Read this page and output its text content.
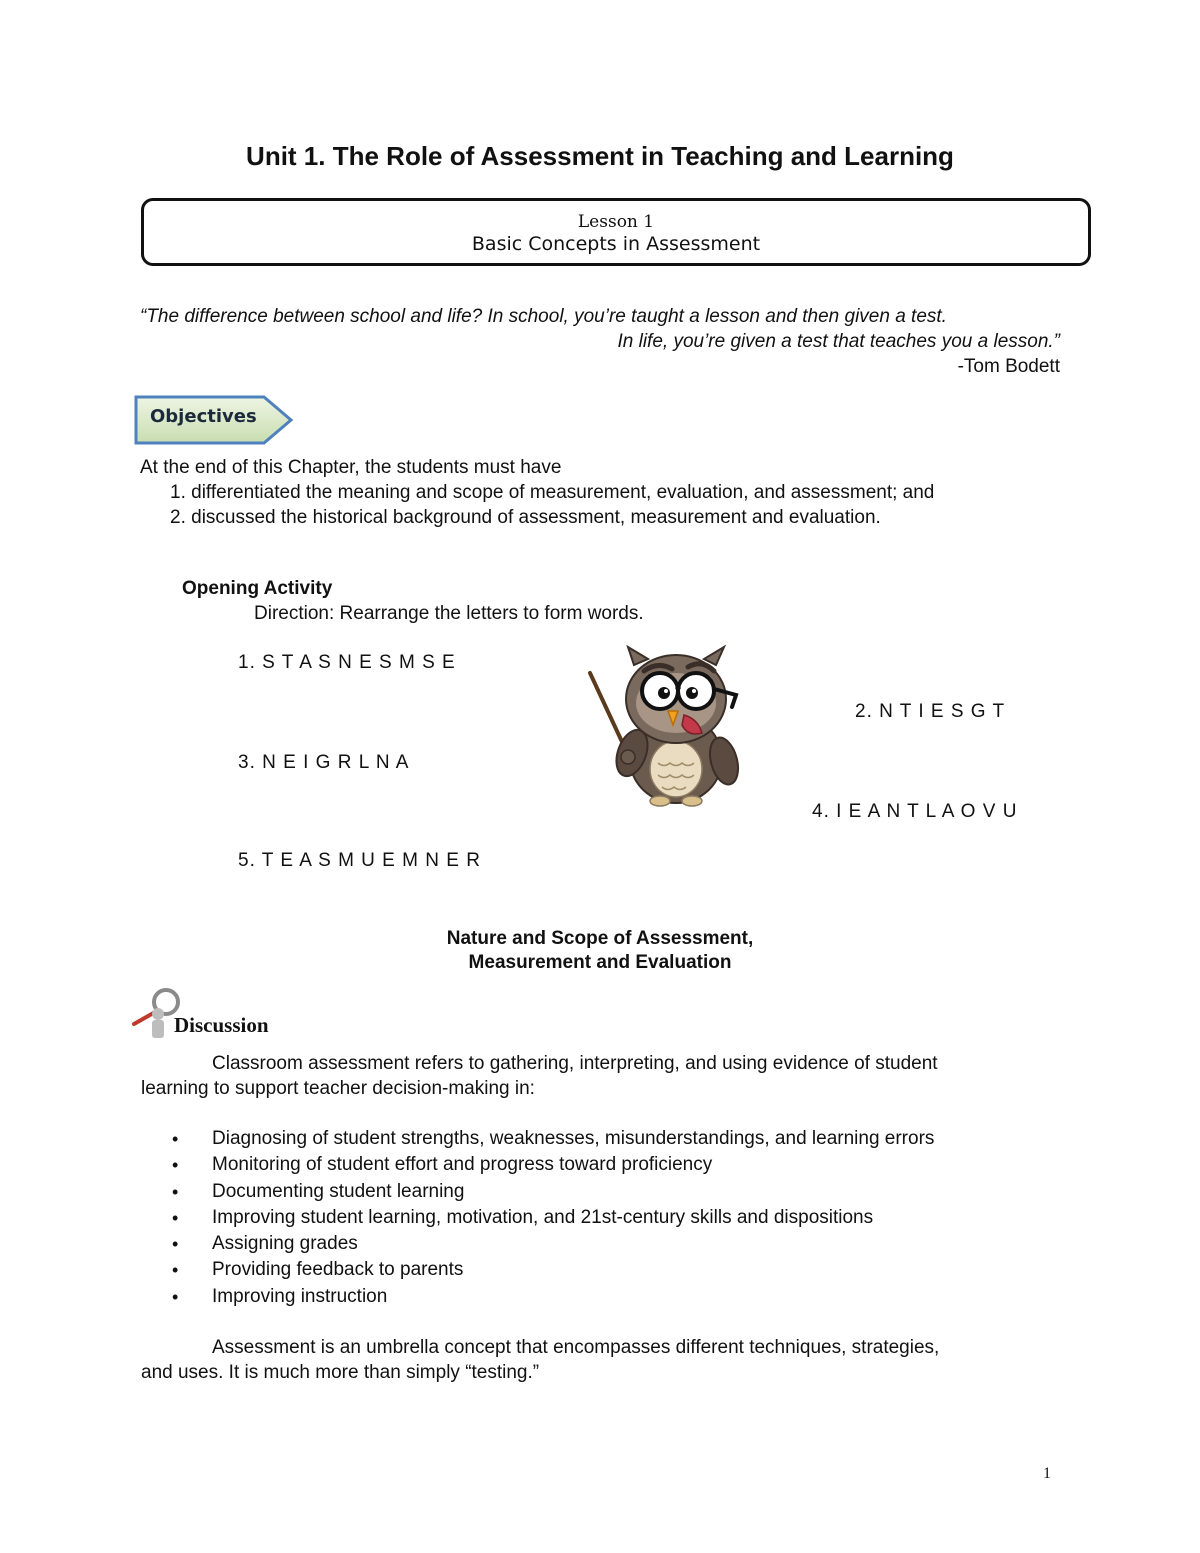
Unit 1. The Role of Assessment in Teaching and Learning
Lesson 1
Basic Concepts in Assessment
“The difference between school and life? In school, you’re taught a lesson and then given a test.
In life, you’re given a test that teaches you a lesson.”
-Tom Bodett
Objectives
At the end of this Chapter, the students must have
1. differentiated the meaning and scope of measurement, evaluation, and assessment; and
2. discussed the historical background of assessment, measurement and evaluation.
Opening Activity
Direction: Rearrange the letters to form words.
1. S T A S N E S M S E
2. N T I E S G T
3. N E I G R L N A
4. I E A N T L A O V U
5. T E A S M U E M N E R
Nature and Scope of Assessment,
Measurement and Evaluation
Discussion
Classroom assessment refers to gathering, interpreting, and using evidence of student
learning to support teacher decision-making in:
• Diagnosing of student strengths, weaknesses, misunderstandings, and learning errors
• Monitoring of student effort and progress toward proficiency
• Documenting student learning
• Improving student learning, motivation, and 21st-century skills and dispositions
• Assigning grades
• Providing feedback to parents
• Improving instruction
Assessment is an umbrella concept that encompasses different techniques, strategies,
and uses. It is much more than simply “testing.”
1
